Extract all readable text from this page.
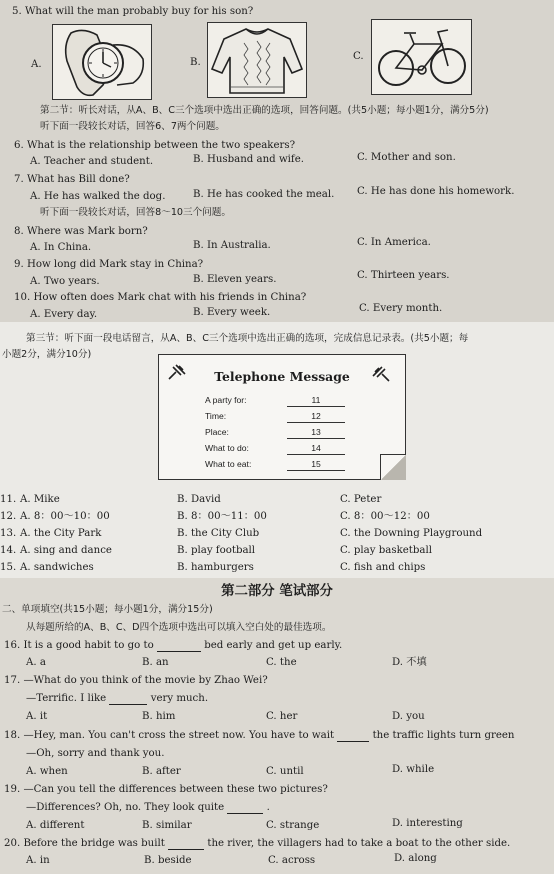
5. What will the man probably buy for his son?
A.	B.
C.
第二节：听长对话，从A、B、C三个选项中选出正确的选项，回答问题。(共5小题；每小题1分，满分5分)
听下面一段较长对话，回答6、7两个问题。
6. What is the relationship between the two speakers?
A. Teacher and student.	B. Husband and wife.	C. Mother and son.
7. What has Bill done?
A. He has walked the dog.	B. He has cooked the meal. C. He has done his homework.
听下面一段较长对话，回答8～10三个问题。
8. Where was Mark born?
A. In China.	B. In Australia.	C. In America.
9. How long did Mark stay in China?
A. Two years.	B. Eleven years.	C. Thirteen years.
10. How often does Mark chat with his friends in China?
A. Every day.	B. Every week.	C. Every month.
第三节：听下面一段电话留言，从A、B、C三个选项中选出正确的选项，完成信息记录表。(共5小题；每
小题2分，满分10分)
Telephone Message
A party for:	11
Time:	12
Place:	13
What to do:	14
What to eat:	15
11. A. Mike	B. David	C. Peter
12. A. 8：00～10：00	B. 8：00～11：00	C. 8：00～12：00
13. A. the City Park	B. the City Club	C. the Downing Playground
14. A. sing and dance	B. play football	C. play basketball
15. A. sandwiches	B. hamburgers	C. fish and chips
第二部分 笔试部分
二、单项填空(共15小题；每小题1分，满分15分)
从每题所给的A、B、C、D四个选项中选出可以填入空白处的最佳选项。
16. It is a good habit to go to	bed early and get up early.
A. a	B. an	C. the	D. 不填
17. —What do you think of the movie by Zhao Wei?
—Terrific. I like	very much.
A. it	B. him	C. her	D. you
18. —Hey, man. You can't cross the street now. You have to wait	the traffic lights turn green
—Oh, sorry and thank you.
A. when	B. after	C. until	D. while
19. —Can you tell the differences between these two pictures?
—Differences? Oh, no. They look quite	.
A. different	B. similar	C. strange	D. interesting
20. Before the bridge was built	the river, the villagers had to take a boat to the other side.
A. in	B. beside	C. across	D. along
